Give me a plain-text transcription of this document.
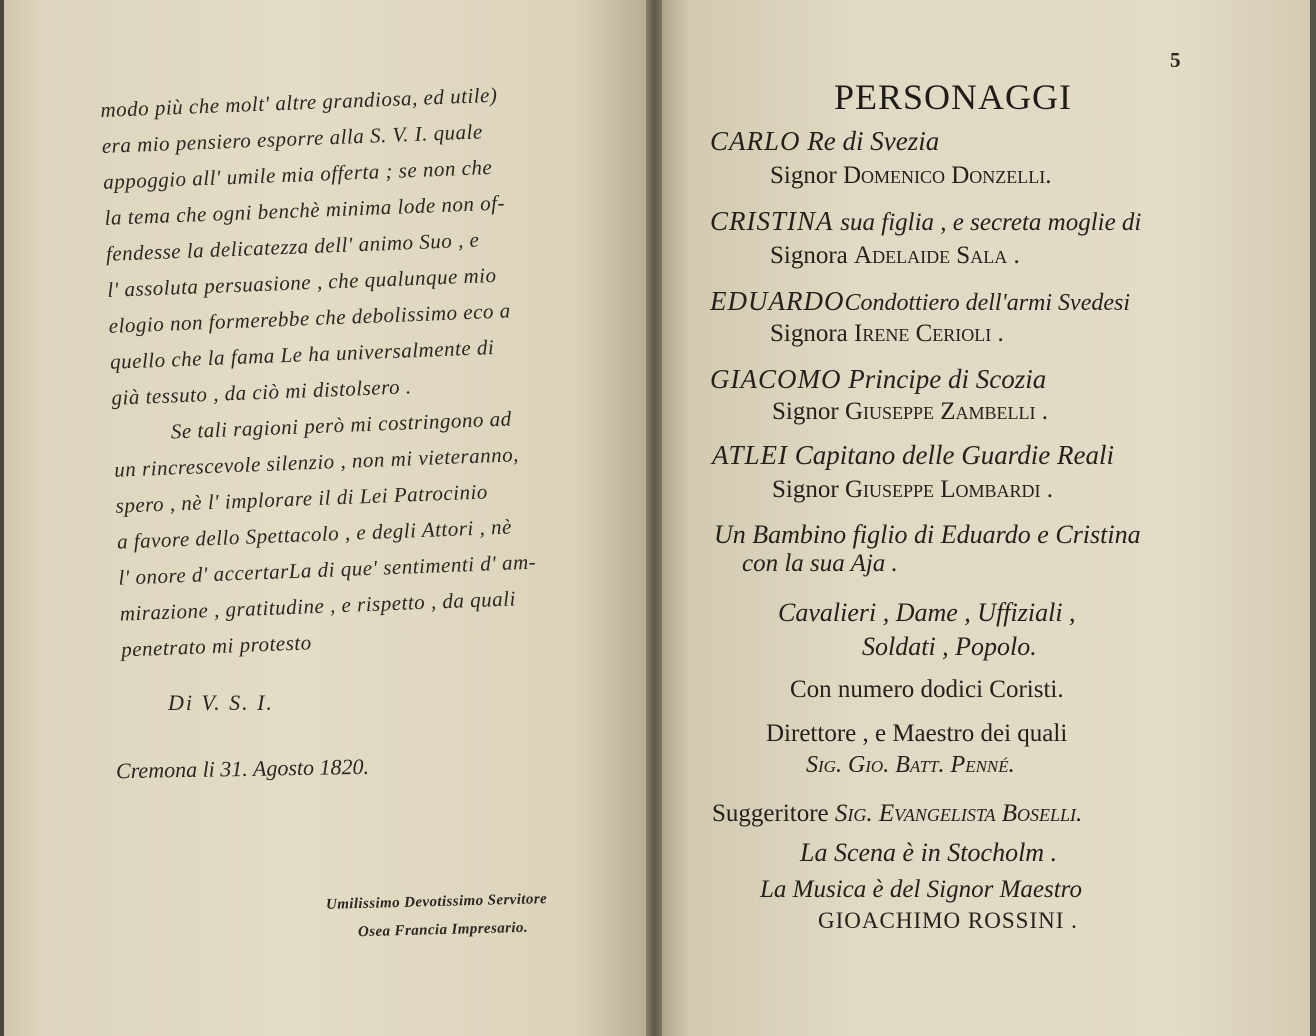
modo più che molt' altre grandiosa, ed utile)
era mio pensiero esporre alla S. V. I. quale
appoggio all' umile mia offerta ; se non che
la tema che ogni benchè minima lode non of-
fendesse la delicatezza dell' animo Suo , e
l' assoluta persuasione , che qualunque mio
elogio non formerebbe che debolissimo eco a
quello che la fama Le ha universalmente di
già tessuto , da ciò mi distolsero .
Se tali ragioni però mi costringono ad
un rincrescevole silenzio , non mi vieteranno,
spero , nè l' implorare il di Lei Patrocinio
a favore dello Spettacolo , e degli Attori , nè
l' onore d' accertarLa di que' sentimenti d' am-
mirazione , gratitudine , e rispetto , da quali
penetrato mi protesto
Di V. S. I.
Cremona li 31. Agosto 1820.
Umilissimo Devotissimo Servitore
Osea Francia Impresario.
5
PERSONAGGI
CARLO Re di Svezia
Signor Domenico Donzelli.
CRISTINA sua figlia , e secreta moglie di
Signora Adelaide Sala .
EDUARDOCondottiero dell'armi Svedesi
Signora Irene Cerioli .
GIACOMO Principe di Scozia
Signor Giuseppe Zambelli .
ATLEI Capitano delle Guardie Reali
Signor Giuseppe Lombardi .
Un Bambino figlio di Eduardo e Cristina
con la sua Aja .
Cavalieri , Dame , Uffiziali ,
Soldati , Popolo.
Con numero dodici Coristi.
Direttore , e Maestro dei quali
Sig. Gio. Batt. Penné.
Suggeritore Sig. Evangelista Boselli.
La Scena è in Stocholm .
La Musica è del Signor Maestro
GIOACHIMO ROSSINI .
